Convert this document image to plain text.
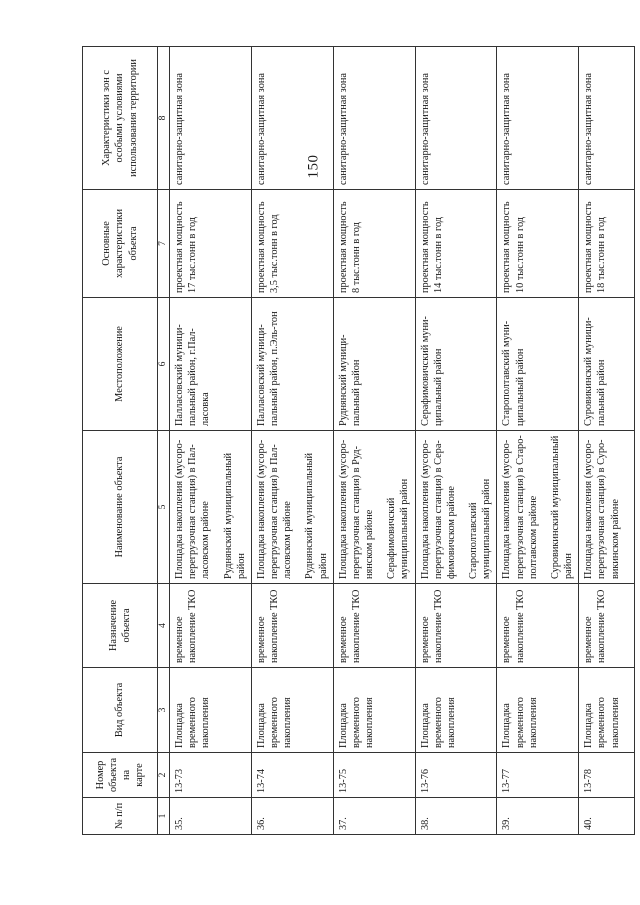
150
№ п/п	Номер объекта на карте	Вид объекта	Назначение объекта	Наименование объекта	Местоположение	Основные характеристики объекта	Характеристики зон с особыми условиями использования территории
1	2	3	4	5	6	7	8
35.	13-73	Площадка временного накопления	временное накопление ТКО	Площадка накопления (мусоро-перегрузочная станция) в Пал-ласовском районе Руднянский муниципальный район	Палласовский муници-пальный район, г.Пал-ласовка	проектная мощность 17 тыс.тонн в год	санитарно-защитная зона
36.	13-74	Площадка временного накопления	временное накопление ТКО	Площадка накопления (мусоро-перегрузочная станция) в Пал-ласовском районе Руднянский муниципальный район	Палласовский муници-пальный район, п.Эль-тон	проектная мощность 3,5 тыс.тонн в год	санитарно-защитная зона
37.	13-75	Площадка временного накопления	временное накопление ТКО	Площадка накопления (мусоро-перегрузочная станция) в Руд-нянском районе Серафимовичский муниципальный район	Руднянский муници-пальный район	проектная мощность 8 тыс.тонн в год	санитарно-защитная зона
38.	13-76	Площадка временного накопления	временное накопление ТКО	Площадка накопления (мусоро-перегрузочная станция) в Сера-фимовичском районе Старополтавский муниципальный район	Серафимовичский муни-ципальный район	проектная мощность 14 тыс.тонн в год	санитарно-защитная зона
39.	13-77	Площадка временного накопления	временное накопление ТКО	Площадка накопления (мусоро-перегрузочная станция) в Старо-полтавском районе Суровикинский муниципальный район	Старополтавский муни-ципальный район	проектная мощность 10 тыс.тонн в год	санитарно-защитная зона
40.	13-78	Площадка временного накопления	временное накопление ТКО	Площадка накопления (мусоро-перегрузочная станция) в Суро-викинском районе	Суровикинский муници-пальный район	проектная мощность 18 тыс.тонн в год	санитарно-защитная зона
